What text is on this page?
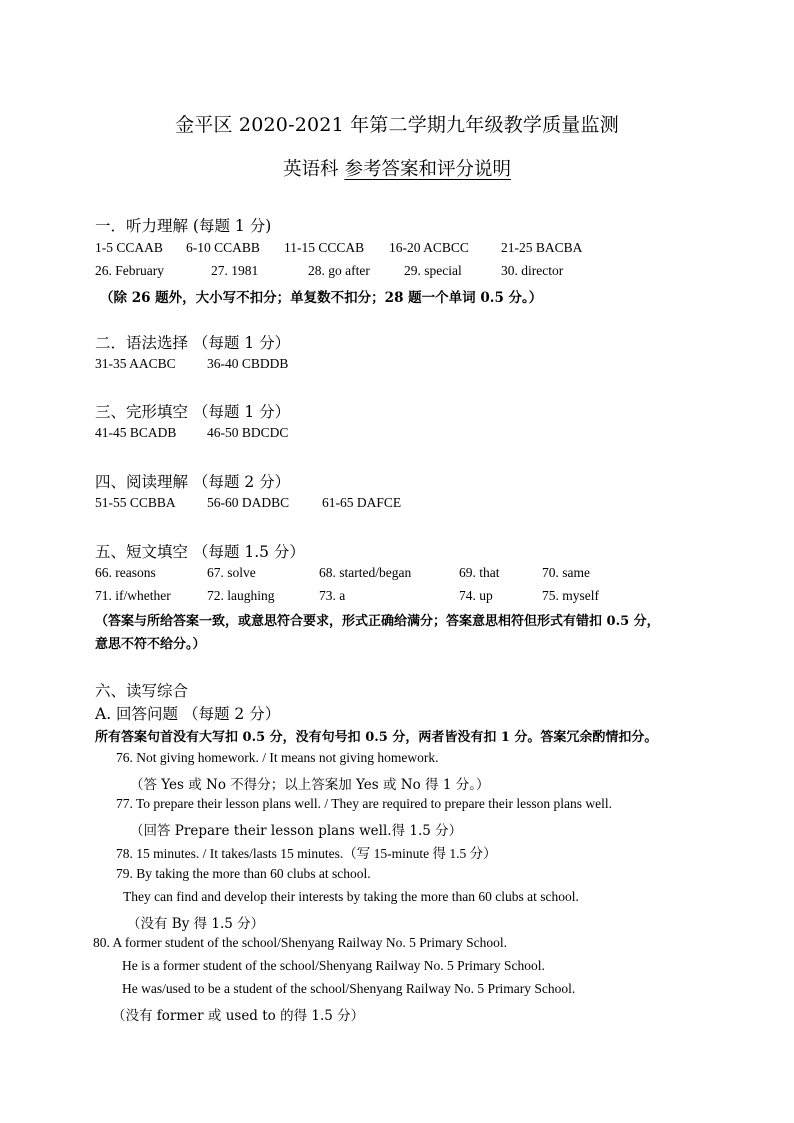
金平区 2020-2021 年第二学期九年级教学质量监测
英语科 参考答案和评分说明
一．听力理解 (每题 1 分)
1-5 CCAAB 6-10 CCABB 11-15 CCCAB 16-20 ACBCC 21-25 BACBA
26. February	27. 1981	28. go after	29. special	30. director
（除 26 题外，大小写不扣分；单复数不扣分；28 题一个单词 0.5 分。）
二．语法选择 （每题 1 分）
31-35 AACBC 36-40 CBDDB
三、完形填空 （每题 1 分）
41-45 BCADB 46-50 BDCDC
四、阅读理解 （每题 2 分）
51-55 CCBBA 56-60 DADBC 61-65 DAFCE
五、短文填空 （每题 1.5 分）
66. reasons	67. solve	68. started/began	69. that	70. same
71. if/whether	72. laughing	73. a	74. up	75. myself
（答案与所给答案一致，或意思符合要求，形式正确给满分；答案意思相符但形式有错扣 0.5 分，
意思不符不给分。）
六、读写综合
A. 回答问题 （每题 2 分）
所有答案句首没有大写扣 0.5 分，没有句号扣 0.5 分，两者皆没有扣 1 分。答案冗余酌情扣分。
76. Not giving homework. / It means not giving homework.
（答 Yes 或 No 不得分；以上答案加 Yes 或 No 得 1 分。）
77. To prepare their lesson plans well. / They are required to prepare their lesson plans well.
（回答 Prepare their lesson plans well.得 1.5 分）
78. 15 minutes. / It takes/lasts 15 minutes.（写 15-minute 得 1.5 分）
79. By taking the more than 60 clubs at school.
They can find and develop their interests by taking the more than 60 clubs at school.
（没有 By 得 1.5 分）
80. A former student of the school/Shenyang Railway No. 5 Primary School.
He is a former student of the school/Shenyang Railway No. 5 Primary School.
He was/used to be a student of the school/Shenyang Railway No. 5 Primary School.
（没有 former 或 used to 的得 1.5 分）
